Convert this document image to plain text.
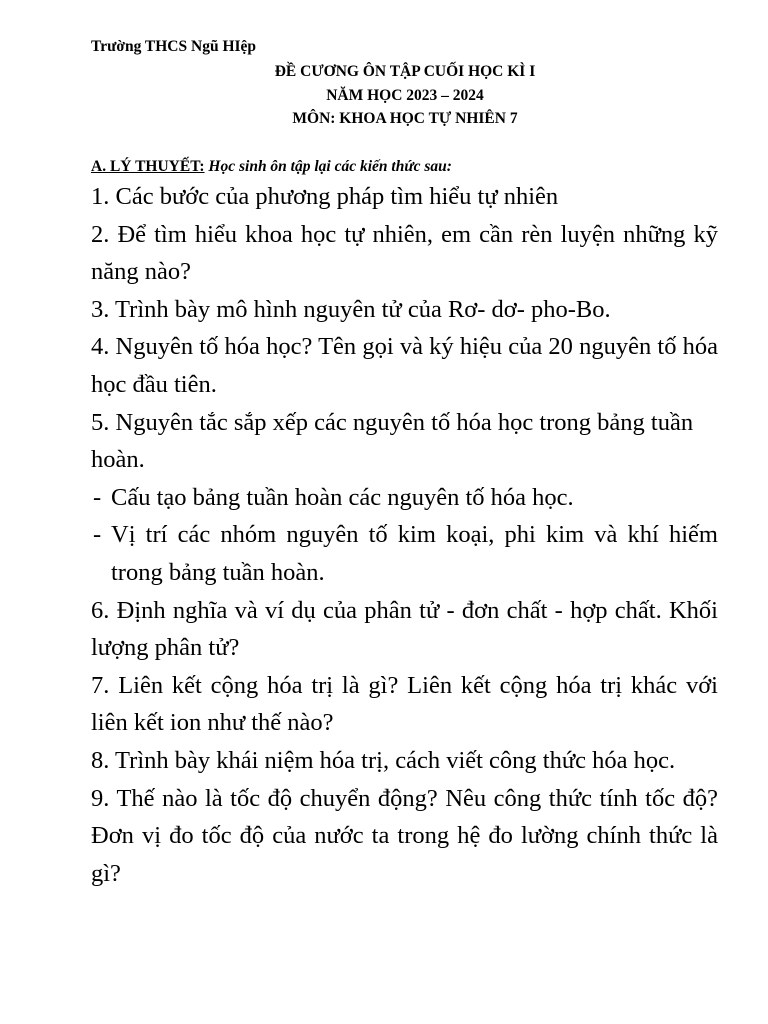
Trường THCS Ngũ HIệp
ĐỀ CƯƠNG ÔN TẬP CUỐI HỌC KÌ I
NĂM HỌC 2023 – 2024
MÔN: KHOA HỌC TỰ NHIÊN 7
A. LÝ THUYẾT: Học sinh ôn tập lại các kiến thức sau:

1. Các bước của phương pháp tìm hiểu tự nhiên

2. Để tìm hiểu khoa học tự nhiên, em cần rèn luyện những kỹ năng nào?

3. Trình bày mô hình nguyên tử của Rơ- dơ- pho-Bo.

4. Nguyên tố hóa học? Tên gọi và ký hiệu của 20 nguyên tố hóa học đầu tiên.

5. Nguyên tắc sắp xếp các nguyên tố hóa học trong bảng tuần hoàn.

- Cấu tạo bảng tuần hoàn các nguyên tố hóa học.
- Vị trí các nhóm nguyên tố kim koại, phi kim và khí hiếm trong bảng tuần hoàn.

6. Định nghĩa và ví dụ của phân tử - đơn chất - hợp chất. Khối lượng phân tử?

7. Liên kết cộng hóa trị là gì? Liên kết cộng hóa trị khác với liên kết ion như thế nào?

8. Trình bày khái niệm hóa trị, cách viết công thức hóa học.

9. Thế nào là tốc độ chuyển động? Nêu công thức tính tốc độ? Đơn vị đo tốc độ của nước ta trong hệ đo lường chính thức là gì?
